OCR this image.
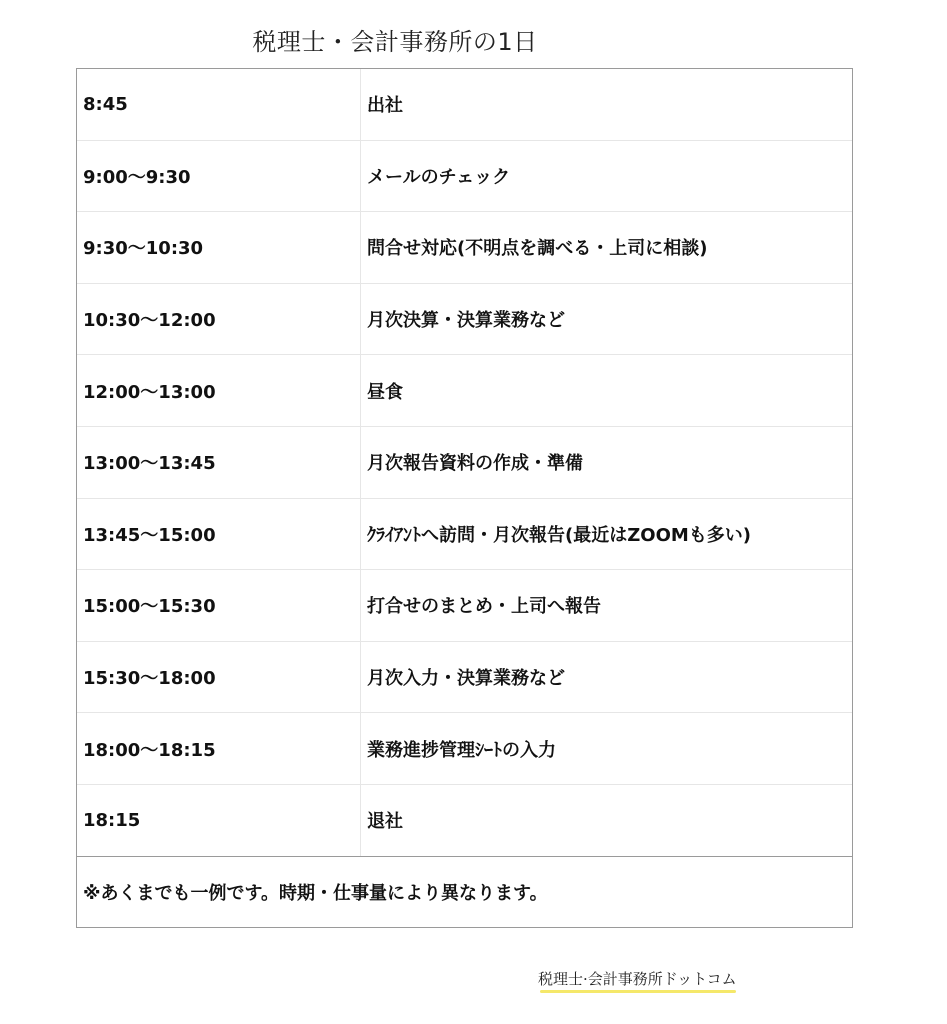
税理士・会計事務所の1日
8:45	出社
9:00〜9:30	メールのチェック
9:30〜10:30	問合せ対応(不明点を調べる・上司に相談)
10:30〜12:00	月次決算・決算業務など
12:00〜13:00	昼食
13:00〜13:45	月次報告資料の作成・準備
13:45〜15:00	ｸﾗｲｱﾝﾄへ訪問・月次報告(最近はZOOMも多い)
15:00〜15:30	打合せのまとめ・上司へ報告
15:30〜18:00	月次入力・決算業務など
18:00〜18:15	業務進捗管理ｼｰﾄの入力
18:15	退社
※あくまでも一例です。時期・仕事量により異なります。
税理士·会計事務所ドットコム
